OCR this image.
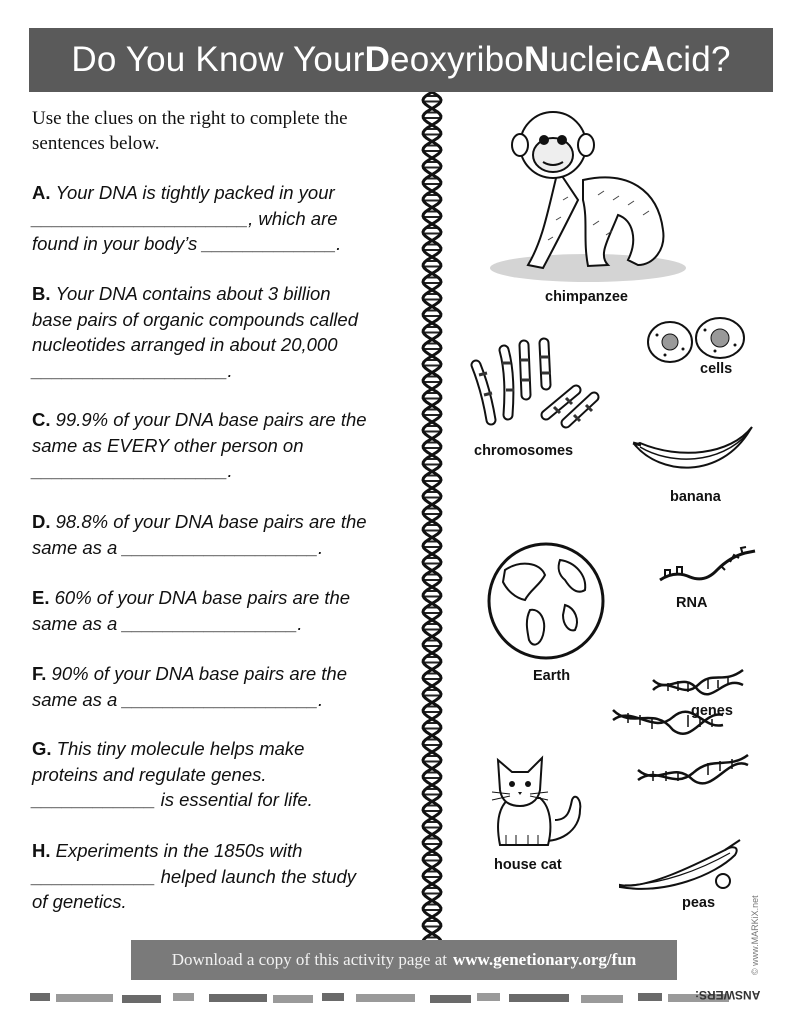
Do You Know Your D eoxyribo N ucleic A cid?
Use the clues on the right to complete the sentences below.
A. Your DNA is tightly packed in your
_____________________, which are
found in your body’s _____________.
B. Your DNA contains about 3 billion
base pairs of organic compounds called
nucleotides arranged in about 20,000
___________________.
C. 99.9% of your DNA base pairs are the
same as EVERY other person on
___________________.
D. 98.8% of your DNA base pairs are the
same as a ___________________.
E. 60% of your DNA base pairs are the
same as a _________________.
F. 90% of your DNA base pairs are the
same as a ___________________.
G. This tiny molecule helps make
proteins and regulate genes.
____________ is essential for life.
H. Experiments in the 1850s with
____________ helped launch the study
of genetics.
chimpanzee
cells
chromosomes
banana
Earth
RNA
genes
house cat
peas
Download a copy of this activity page at www.genetionary.org/fun	© www.MARKiX.net
ANSWERS:
